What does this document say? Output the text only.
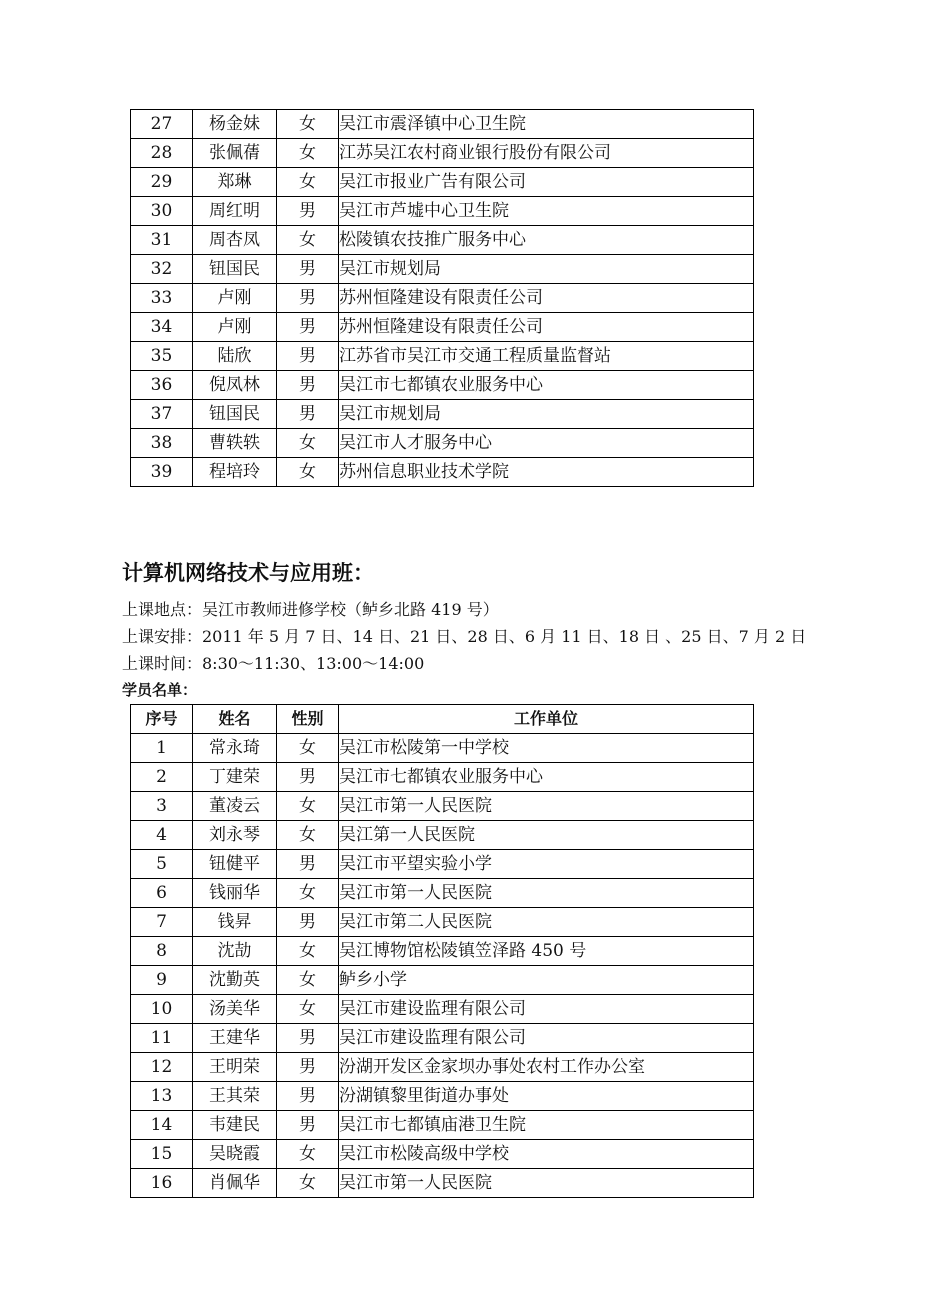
27	杨金妹	女	吴江市震泽镇中心卫生院
28	张佩蒨	女	江苏吴江农村商业银行股份有限公司
29	郑琳	女	吴江市报业广告有限公司
30	周红明	男	吴江市芦墟中心卫生院
31	周杏凤	女	松陵镇农技推广服务中心
32	钮国民	男	吴江市规划局
33	卢刚	男	苏州恒隆建设有限责任公司
34	卢刚	男	苏州恒隆建设有限责任公司
35	陆欣	男	江苏省市吴江市交通工程质量监督站
36	倪凤林	男	吴江市七都镇农业服务中心
37	钮国民	男	吴江市规划局
38	曹轶轶	女	吴江市人才服务中心
39	程培玲	女	苏州信息职业技术学院
计算机网络技术与应用班：

上课地点：吴江市教师进修学校（鲈乡北路 419 号）

上课安排：2011 年 5 月 7 日、14 日、21 日、28 日、6 月 11 日、18 日 、25 日、7 月 2 日

上课时间：8:30～11:30、13:00～14:00

学员名单：

序号	姓名	性别	工作单位
1	常永琦	女	吴江市松陵第一中学校
2	丁建荣	男	吴江市七都镇农业服务中心
3	董凌云	女	吴江市第一人民医院
4	刘永琴	女	吴江第一人民医院
5	钮健平	男	吴江市平望实验小学
6	钱丽华	女	吴江市第一人民医院
7	钱昇	男	吴江市第二人民医院
8	沈劼	女	吴江博物馆松陵镇笠泽路 450 号
9	沈勤英	女	鲈乡小学
10	汤美华	女	吴江市建设监理有限公司
11	王建华	男	吴江市建设监理有限公司
12	王明荣	男	汾湖开发区金家坝办事处农村工作办公室
13	王其荣	男	汾湖镇黎里街道办事处
14	韦建民	男	吴江市七都镇庙港卫生院
15	吴晓霞	女	吴江市松陵高级中学校
16	肖佩华	女	吴江市第一人民医院
